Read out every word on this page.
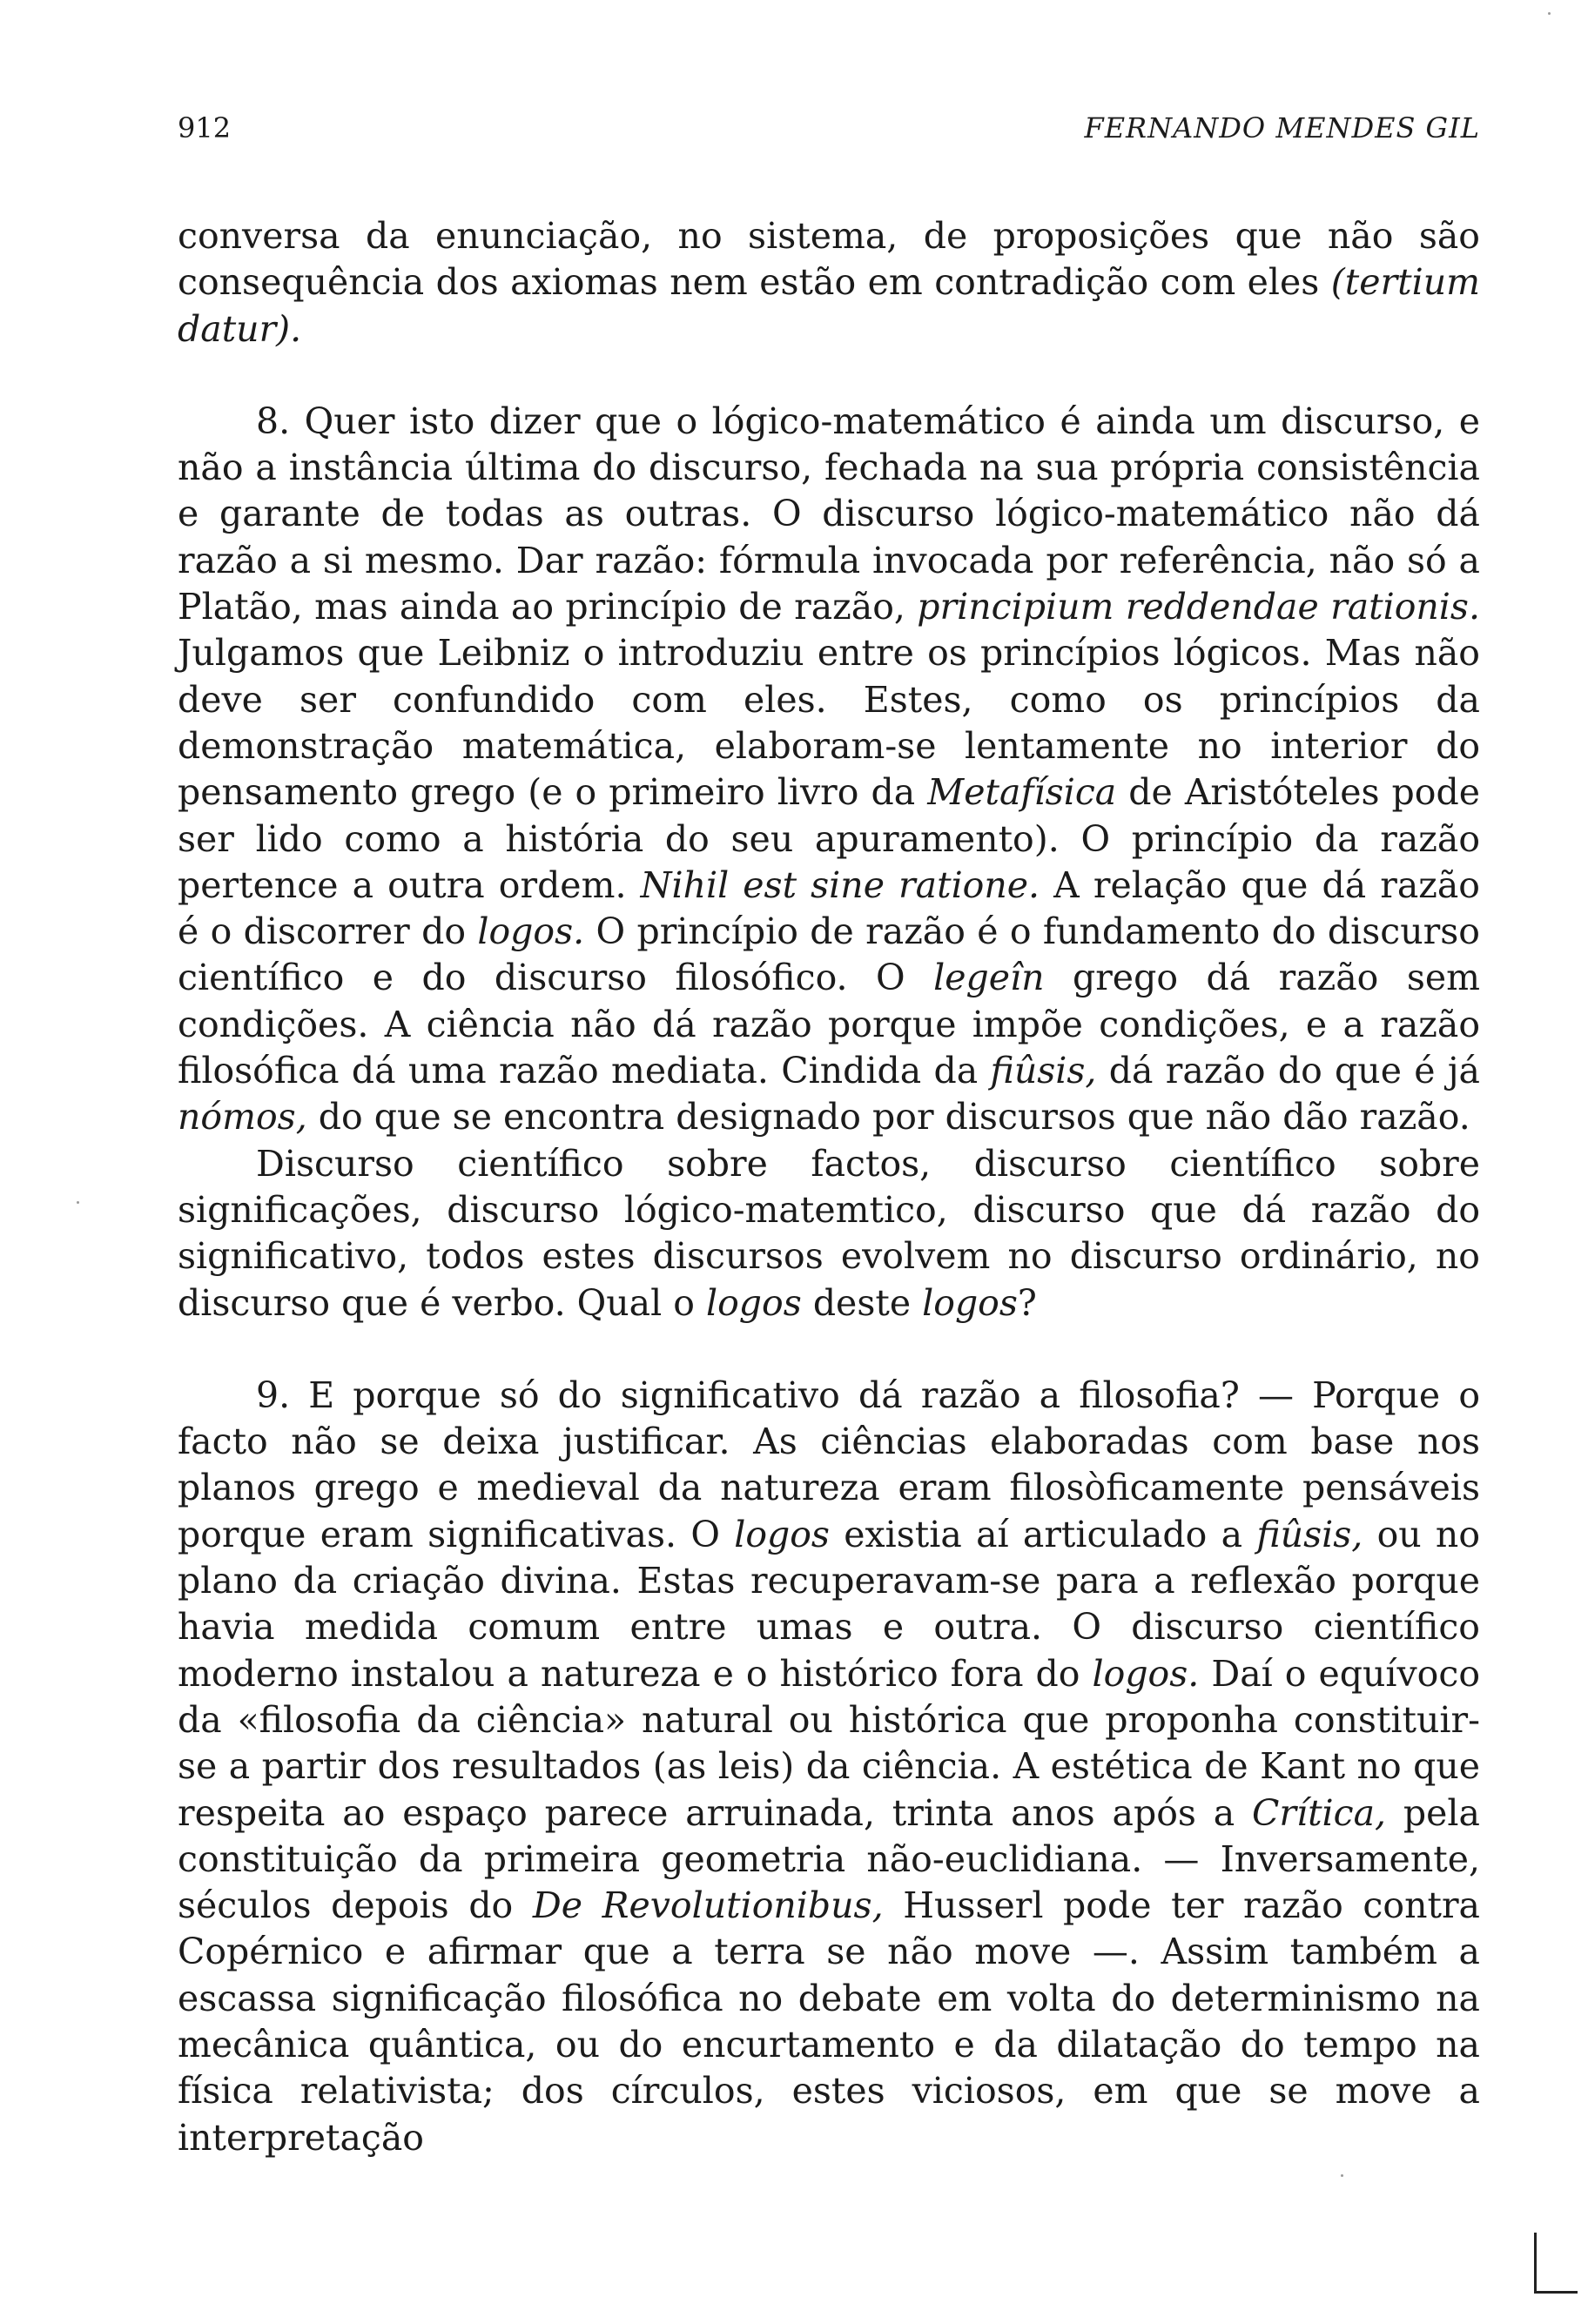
912	FERNANDO MENDES GIL

conversa da enunciação, no sistema, de proposições que não são consequência dos axiomas nem estão em contradição com eles (tertium datur).

8. Quer isto dizer que o lógico-matemático é ainda um discurso, e não a instância última do discurso, fechada na sua própria consistência e garante de todas as outras. O discurso lógico-matemático não dá razão a si mesmo. Dar razão: fórmula invocada por referência, não só a Platão, mas ainda ao princípio de razão, principium reddendae rationis. Julgamos que Leibniz o introduziu entre os princípios lógicos. Mas não deve ser confundido com eles. Estes, como os princípios da demonstração matemática, elaboram-se lentamente no interior do pensamento grego (e o primeiro livro da Metafísica de Aristóteles pode ser lido como a história do seu apuramento). O princípio da razão pertence a outra ordem. Nihil est sine ratione. A relação que dá razão é o discorrer do logos. O princípio de razão é o fundamento do discurso científico e do discurso filosófico. O legeîn grego dá razão sem condições. A ciência não dá razão porque impõe condições, e a razão filosófica dá uma razão mediata. Cindida da fiûsis, dá razão do que é já nómos, do que se encontra designado por discursos que não dão razão.

Discurso científico sobre factos, discurso científico sobre significações, discurso lógico-matemtico, discurso que dá razão do significativo, todos estes discursos evolvem no discurso ordinário, no discurso que é verbo. Qual o logos deste logos?

9. E porque só do significativo dá razão a filosofia? — Porque o facto não se deixa justificar. As ciências elaboradas com base nos planos grego e medieval da natureza eram filosòficamente pensáveis porque eram significativas. O logos existia aí articulado a fiûsis, ou no plano da criação divina. Estas recuperavam-se para a reflexão porque havia medida comum entre umas e outra. O discurso científico moderno instalou a natureza e o histórico fora do logos. Daí o equívoco da «filosofia da ciência» natural ou histórica que proponha constituir-se a partir dos resultados (as leis) da ciência. A estética de Kant no que respeita ao espaço parece arruinada, trinta anos após a Crítica, pela constituição da primeira geometria não-euclidiana. — Inversamente, séculos depois do De Revolutionibus, Husserl pode ter razão contra Copérnico e afirmar que a terra se não move —. Assim também a escassa significação filosófica no debate em volta do determinismo na mecânica quântica, ou do encurtamento e da dilatação do tempo na física relativista; dos círculos, estes viciosos, em que se move a interpretação
